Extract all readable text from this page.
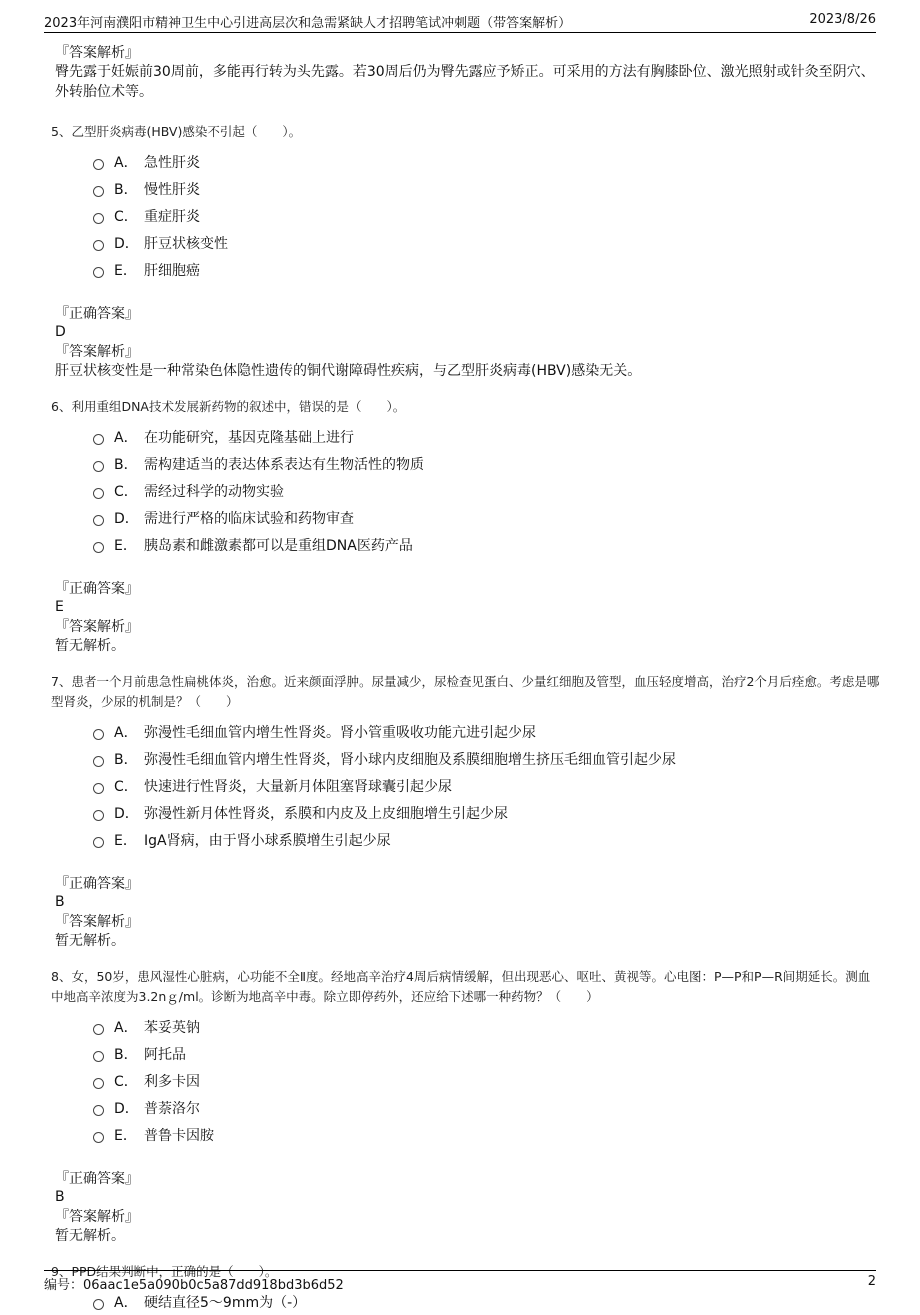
2023年河南濮阳市精神卫生中心引进高层次和急需紧缺人才招聘笔试冲刺题（带答案解析）	2023/8/26
『答案解析』
臀先露于妊娠前30周前，多能再行转为头先露。若30周后仍为臀先露应予矫正。可采用的方法有胸膝卧位、激光照射或针灸至阴穴、外转胎位术等。
5、乙型肝炎病毒(HBV)感染不引起（　　）。
A． 急性肝炎
B． 慢性肝炎
C． 重症肝炎
D． 肝豆状核变性
E． 肝细胞癌
『正确答案』
D
『答案解析』
肝豆状核变性是一种常染色体隐性遗传的铜代谢障碍性疾病，与乙型肝炎病毒(HBV)感染无关。
6、利用重组DNA技术发展新药物的叙述中，错误的是（　　）。
A． 在功能研究，基因克隆基础上进行
B． 需构建适当的表达体系表达有生物活性的物质
C． 需经过科学的动物实验
D． 需进行严格的临床试验和药物审查
E． 胰岛素和雌激素都可以是重组DNA医药产品
『正确答案』
E
『答案解析』
暂无解析。
7、患者一个月前患急性扁桃体炎，治愈。近来颜面浮肿。尿量减少，尿检查见蛋白、少量红细胞及管型，血压轻度增高，治疗2个月后痊愈。考虑是哪型肾炎，少尿的机制是？（　　）
A． 弥漫性毛细血管内增生性肾炎。肾小管重吸收功能亢进引起少尿
B． 弥漫性毛细血管内增生性肾炎，肾小球内皮细胞及系膜细胞增生挤压毛细血管引起少尿
C． 快速进行性肾炎，大量新月体阻塞肾球囊引起少尿
D． 弥漫性新月体性肾炎，系膜和内皮及上皮细胞增生引起少尿
E． IgA肾病，由于肾小球系膜增生引起少尿
『正确答案』
B
『答案解析』
暂无解析。
8、女，50岁，患风湿性心脏病，心功能不全Ⅱ度。经地高辛治疗4周后病情缓解，但出现恶心、呕吐、黄视等。心电图：P—P和P—R间期延长。测血中地高辛浓度为3.2nｇ/ml。诊断为地高辛中毒。除立即停药外，还应给下述哪一种药物？（　　）
A． 苯妥英钠
B． 阿托品
C． 利多卡因
D． 普萘洛尔
E． 普鲁卡因胺
『正确答案』
B
『答案解析』
暂无解析。
9、PPD结果判断中，正确的是（　　）。
A． 硬结直径5～9mm为（-）
编号：06aac1e5a090b0c5a87dd918bd3b6d52	2
